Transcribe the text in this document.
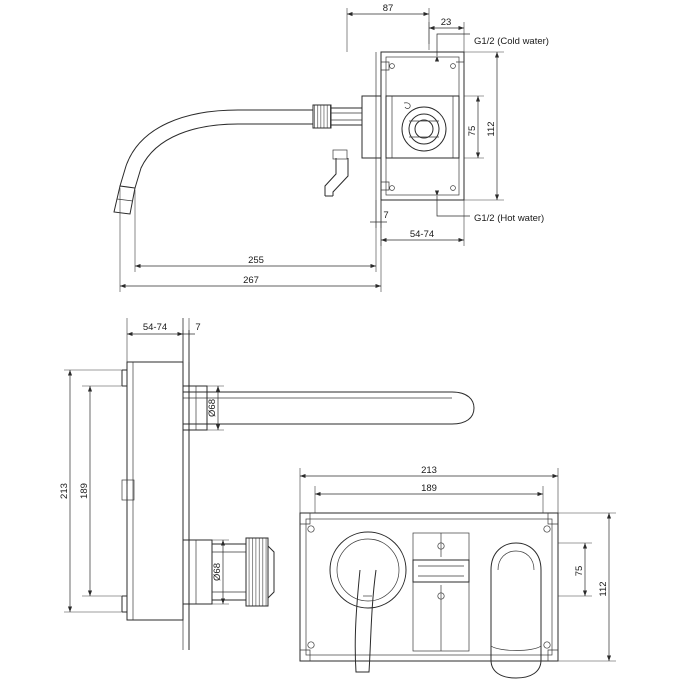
87
23
G1/2 (Cold water)
G1/2 (Hot water)
75 112
7
54-74
255
267
54-74	7
Ø68
Ø68
189
213
213
189
75
112
